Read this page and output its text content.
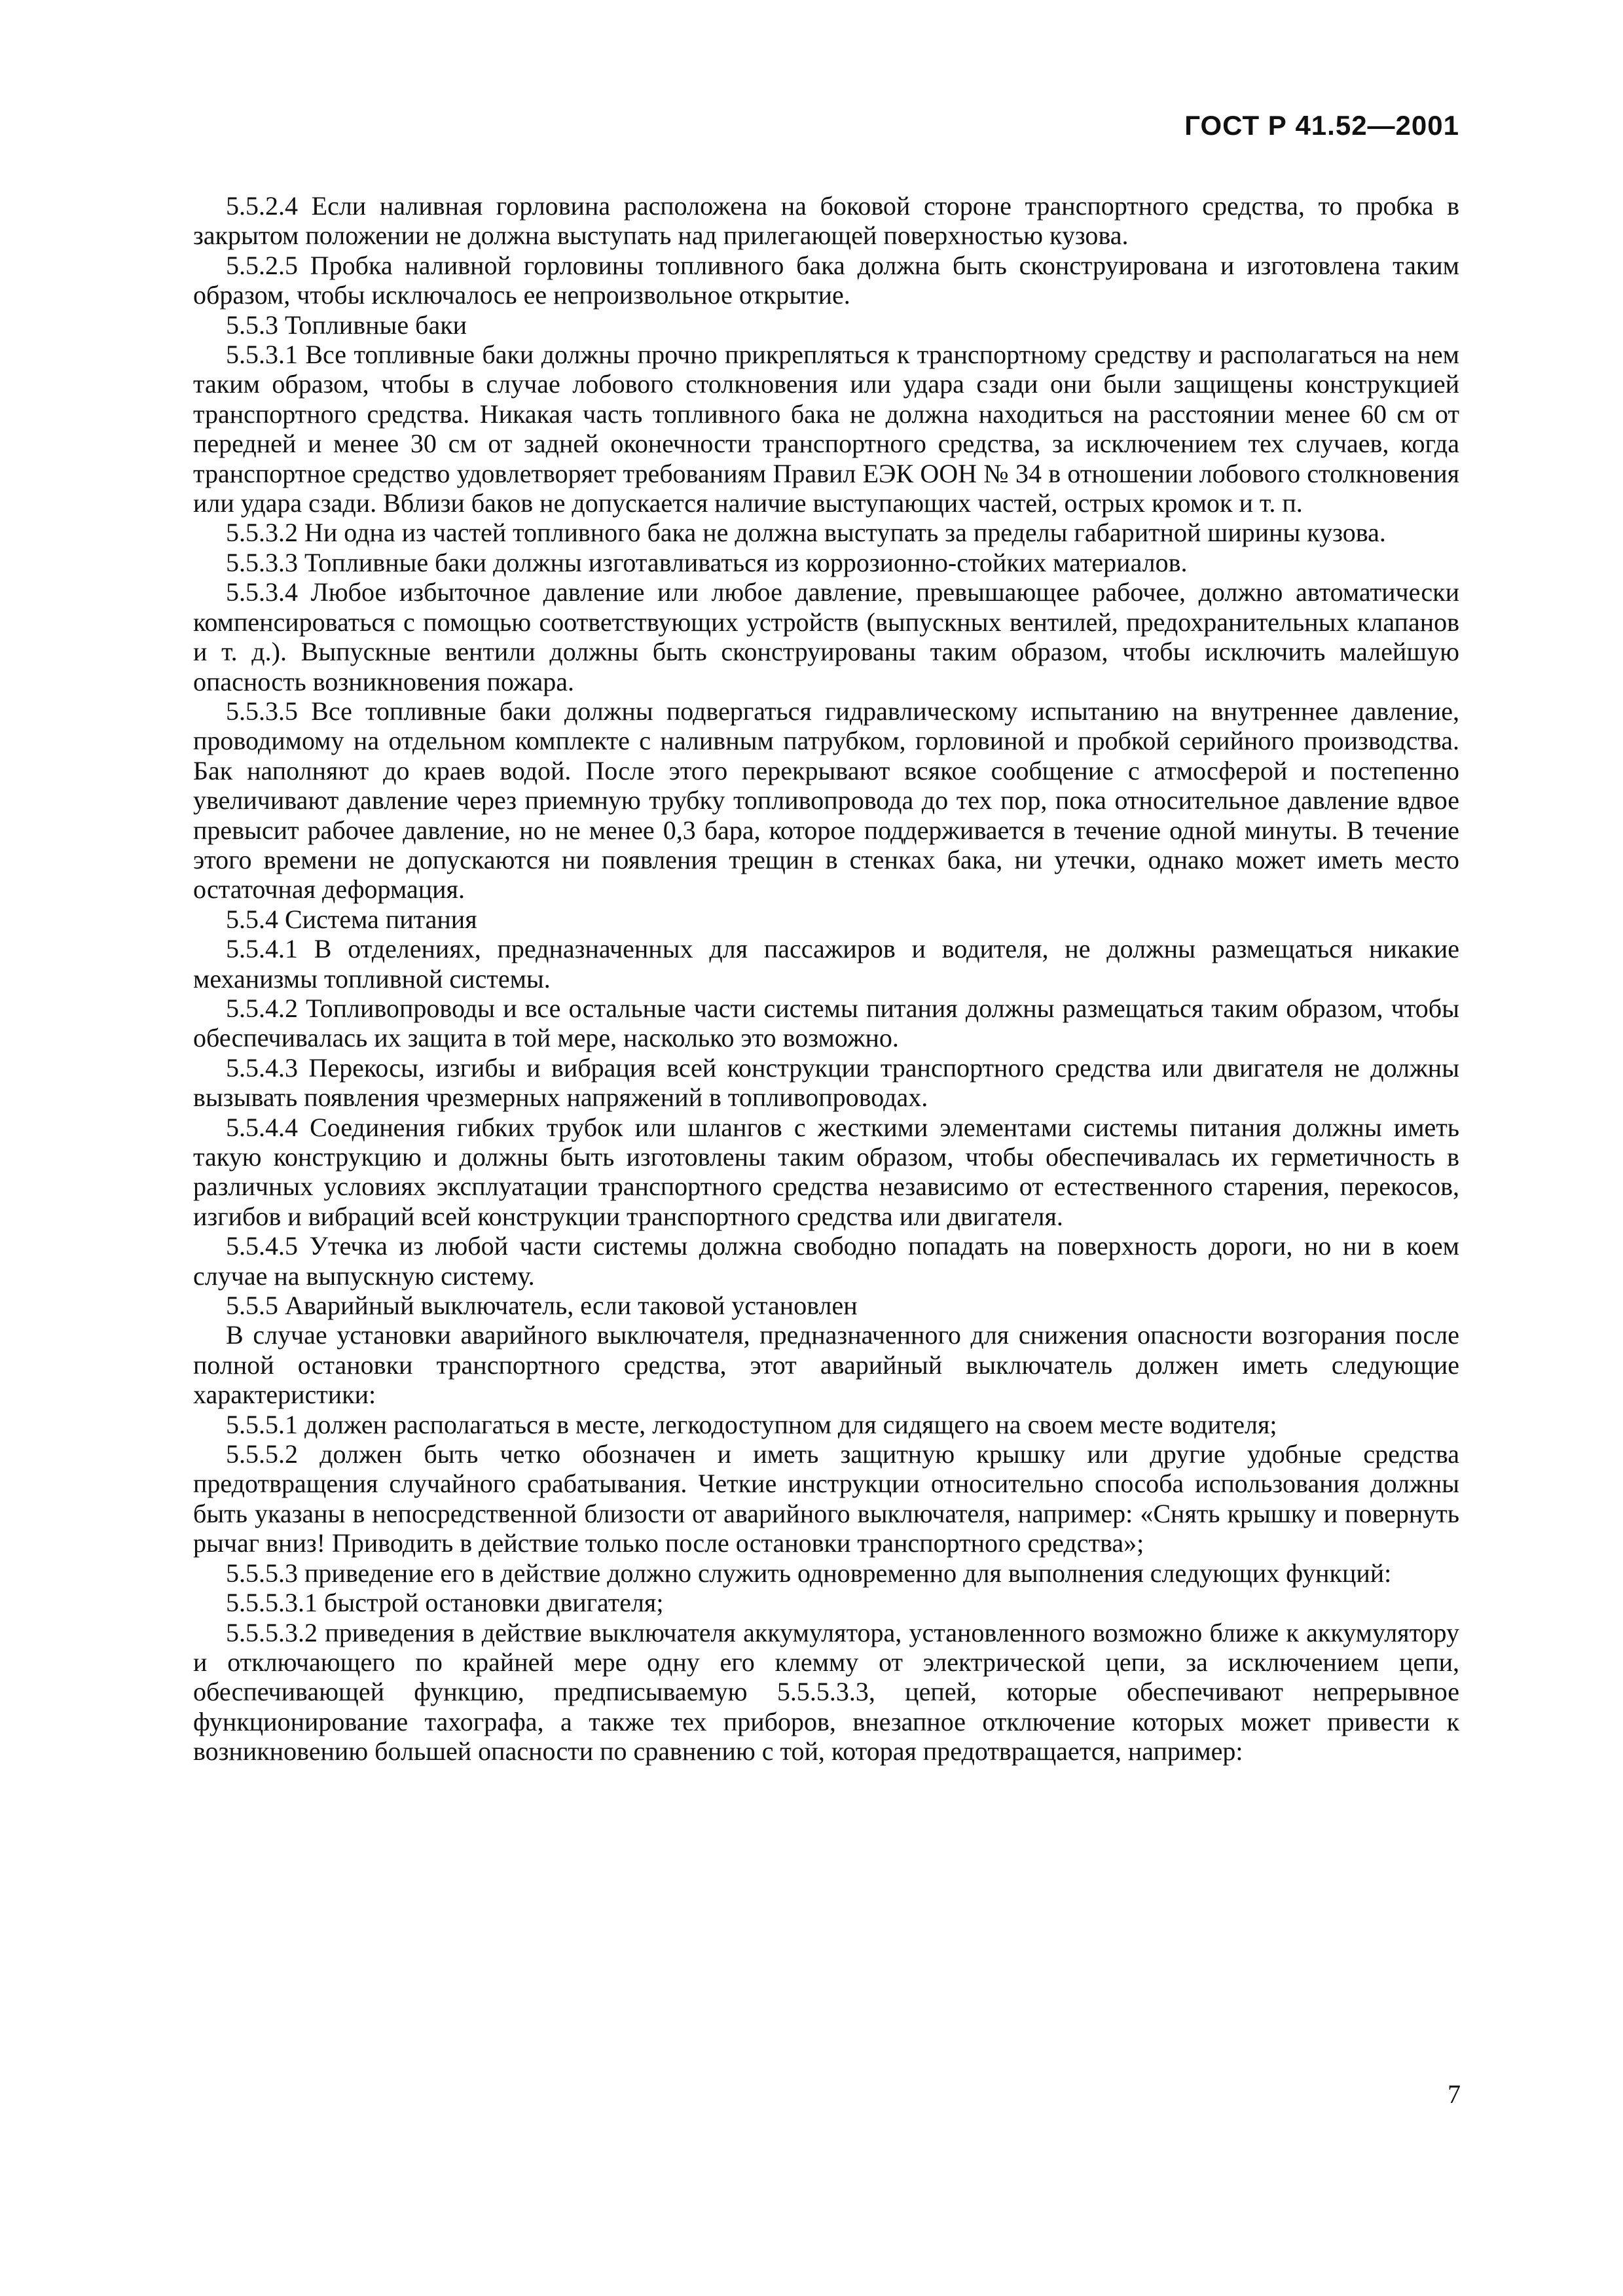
ГОСТ Р 41.52—2001

5.5.2.4 Если наливная горловина расположена на боковой стороне транспортного средства, то пробка в закрытом положении не должна выступать над прилегающей поверхностью кузова.

5.5.2.5 Пробка наливной горловины топливного бака должна быть сконструирована и изготовлена таким образом, чтобы исключалось ее непроизвольное открытие.

5.5.3 Топливные баки

5.5.3.1 Все топливные баки должны прочно прикрепляться к транспортному средству и располагаться на нем таким образом, чтобы в случае лобового столкновения или удара сзади они были защищены конструкцией транспортного средства. Никакая часть топливного бака не должна находиться на расстоянии менее 60 см от передней и менее 30 см от задней оконечности транспортного средства, за исключением тех случаев, когда транспортное средство удовлетворяет требованиям Правил ЕЭК ООН № 34 в отношении лобового столкновения или удара сзади. Вблизи баков не допускается наличие выступающих частей, острых кромок и т. п.

5.5.3.2 Ни одна из частей топливного бака не должна выступать за пределы габаритной ширины кузова.

5.5.3.3 Топливные баки должны изготавливаться из коррозионно-стойких материалов.

5.5.3.4 Любое избыточное давление или любое давление, превышающее рабочее, должно автоматически компенсироваться с помощью соответствующих устройств (выпускных вентилей, предохранительных клапанов и т. д.). Выпускные вентили должны быть сконструированы таким образом, чтобы исключить малейшую опасность возникновения пожара.

5.5.3.5 Все топливные баки должны подвергаться гидравлическому испытанию на внутреннее давление, проводимому на отдельном комплекте с наливным патрубком, горловиной и пробкой серийного производства. Бак наполняют до краев водой. После этого перекрывают всякое сообщение с атмосферой и постепенно увеличивают давление через приемную трубку топливопровода до тех пор, пока относительное давление вдвое превысит рабочее давление, но не менее 0,3 бара, которое поддерживается в течение одной минуты. В течение этого времени не допускаются ни появления трещин в стенках бака, ни утечки, однако может иметь место остаточная деформация.

5.5.4 Система питания

5.5.4.1 В отделениях, предназначенных для пассажиров и водителя, не должны размещаться никакие механизмы топливной системы.

5.5.4.2 Топливопроводы и все остальные части системы питания должны размещаться таким образом, чтобы обеспечивалась их защита в той мере, насколько это возможно.

5.5.4.3 Перекосы, изгибы и вибрация всей конструкции транспортного средства или двигателя не должны вызывать появления чрезмерных напряжений в топливопроводах.

5.5.4.4 Соединения гибких трубок или шлангов с жесткими элементами системы питания должны иметь такую конструкцию и должны быть изготовлены таким образом, чтобы обеспечивалась их герметичность в различных условиях эксплуатации транспортного средства независимо от естественного старения, перекосов, изгибов и вибраций всей конструкции транспортного средства или двигателя.

5.5.4.5 Утечка из любой части системы должна свободно попадать на поверхность дороги, но ни в коем случае на выпускную систему.

5.5.5 Аварийный выключатель, если таковой установлен

В случае установки аварийного выключателя, предназначенного для снижения опасности возгорания после полной остановки транспортного средства, этот аварийный выключатель должен иметь следующие характеристики:

5.5.5.1 должен располагаться в месте, легкодоступном для сидящего на своем месте водителя;

5.5.5.2 должен быть четко обозначен и иметь защитную крышку или другие удобные средства предотвращения случайного срабатывания. Четкие инструкции относительно способа использования должны быть указаны в непосредственной близости от аварийного выключателя, например: «Снять крышку и повернуть рычаг вниз! Приводить в действие только после остановки транспортного средства»;

5.5.5.3 приведение его в действие должно служить одновременно для выполнения следующих функций:

5.5.5.3.1 быстрой остановки двигателя;

5.5.5.3.2 приведения в действие выключателя аккумулятора, установленного возможно ближе к аккумулятору и отключающего по крайней мере одну его клемму от электрической цепи, за исключением цепи, обеспечивающей функцию, предписываемую 5.5.5.3.3, цепей, которые обеспечивают непрерывное функционирование тахографа, а также тех приборов, внезапное отключение которых может привести к возникновению большей опасности по сравнению с той, которая предотвращается, например:

7
